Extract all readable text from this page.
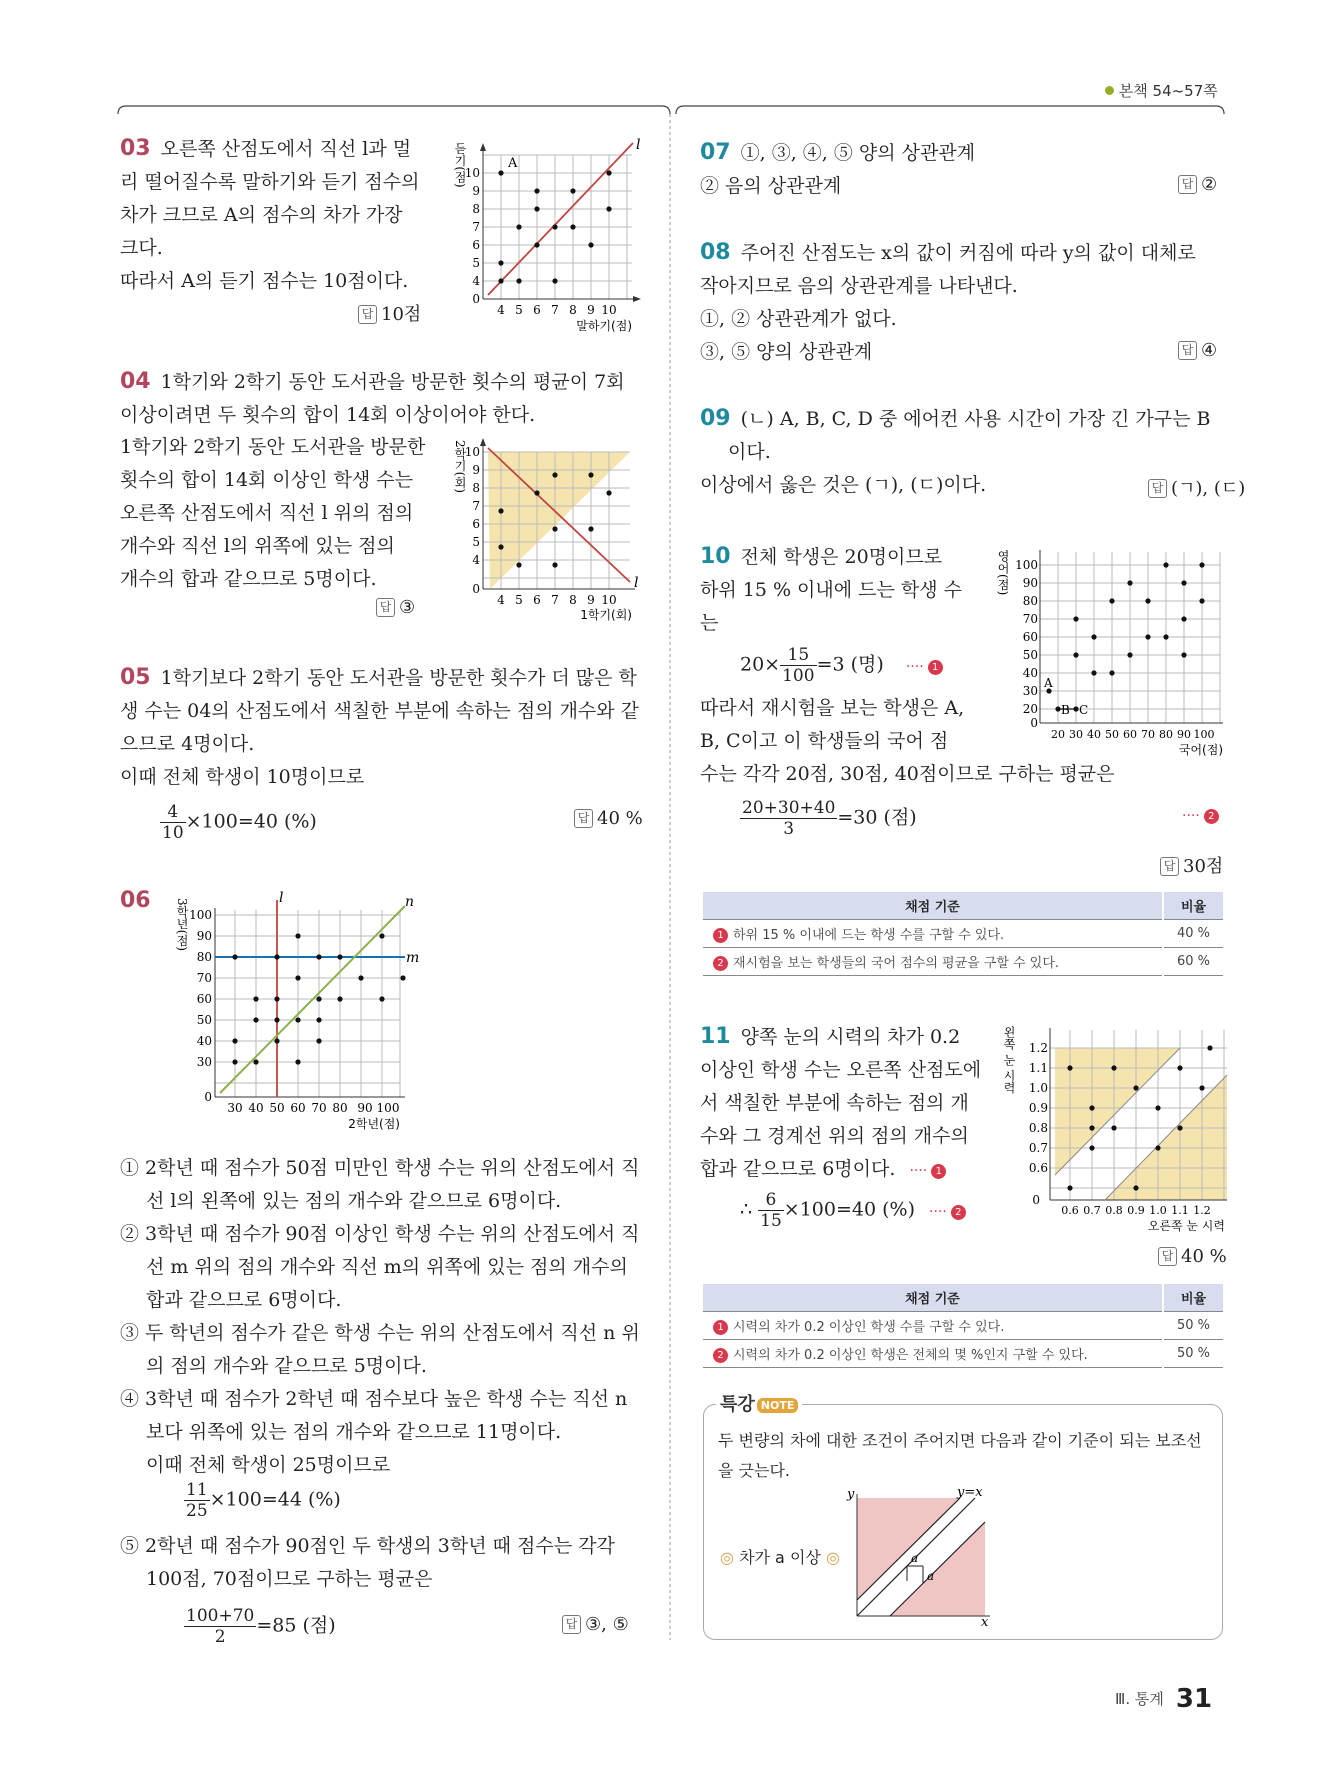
본책 54~57쪽
03 오른쪽 산점도에서 직선 l과 멀
리 떨어질수록 말하기와 듣기 점수의
차가 크므로 A의 점수의 차가 가장
크다.
따라서 A의 듣기 점수는 10점이다.
답 10점
A
l
10
9
8
7
6
5
4
0
4 5 6 7 8 9 10
말하기(점)
듣기(점)
04 1학기와 2학기 동안 도서관을 방문한 횟수의 평균이 7회
이상이려면 두 횟수의 합이 14회 이상이어야 한다.
1학기와 2학기 동안 도서관을 방문한
횟수의 합이 14회 이상인 학생 수는
오른쪽 산점도에서 직선 l 위의 점의
개수와 직선 l의 위쪽에 있는 점의
개수의 합과 같으므로 5명이다.
답 ③
l
10
9
8
7
6
5
4
0
4 5 6 7 8 9 10
1학기(회)
2학기(회)
05 1학기보다 2학기 동안 도서관을 방문한 횟수가 더 많은 학
생 수는 04의 산점도에서 색칠한 부분에 속하는 점의 개수와 같
으므로 4명이다.
이때 전체 학생이 10명이므로
$\frac{4}{10} \times 100=40$ (%)	답 40 %
06	l
m
n
100
90
80
70
60
50
40
30
0
30 40 50 60 70 80 90 100
2학년(점)
3학년(점)
① 2학년 때 점수가 50점 미만인 학생 수는 위의 산점도에서 직선 l의 왼쪽에 있는 점의 개수와 같으므로 6명이다.
② 3학년 때 점수가 90점 이상인 학생 수는 위의 산점도에서 직선 m 위의 점의 개수와 직선 m의 위쪽에 있는 점의 개수의 합과 같으므로 6명이다.
③ 두 학년의 점수가 같은 학생 수는 위의 산점도에서 직선 n 위의 점의 개수와 같으므로 5명이다.
④ 3학년 때 점수가 2학년 때 점수보다 높은 학생 수는 직선 n 보다 위쪽에 있는 점의 개수와 같으므로 11명이다.
이때 전체 학생이 25명이므로
$\frac{11}{25} \times 100=44$ (%)
⑤ 2학년 때 점수가 90점인 두 학생의 3학년 때 점수는 각각 100점, 70점이므로 구하는 평균은
$\frac{100+70}{2} =85$ (점)	답 ③, ⑤
07 ①, ③, ④, ⑤ 양의 상관관계
② 음의 상관관계	답 ②
08 주어진 산점도는 x의 값이 커짐에 따라 y의 값이 대체로
작아지므로 음의 상관관계를 나타낸다.
①, ② 상관관계가 없다.
③, ⑤ 양의 상관관계	답 ④
09 (ㄴ) A, B, C, D 중 에어컨 사용 시간이 가장 긴 가구는 B
이다.
이상에서 옳은 것은 (ㄱ), (ㄷ)이다.	답 (ㄱ), (ㄷ)
10 전체 학생은 20명이므로
하위 15 % 이내에 드는 학생 수
는
$20\times \frac{15}{100} =3$ (명) ···· 1
따라서 재시험을 보는 학생은 A,
B, C이고 이 학생들의 국어 점
수는 각각 20점, 30점, 40점이므로 구하는 평균은
$\frac{20+30+40}{3} =30$ (점)	···· 2
답 30점
A
B C
100
90
80
70
60
50
40
30
20
0
20 30 40 50 60 70 80 90 100
국어(점)
영어(점)
채점 기준	비율
1 하위 15 % 이내에 드는 학생 수를 구할 수 있다.	40 %
2 재시험을 보는 학생들의 국어 점수의 평균을 구할 수 있다.	60 %
11 양쪽 눈의 시력의 차가 0.2
이상인 학생 수는 오른쪽 산점도에
서 색칠한 부분에 속하는 점의 개
수와 그 경계선 위의 점의 개수의
합과 같으므로 6명이다. ···· 1
∴ $\frac{6}{15} \times 100=40$ (%) ···· 2
답 40 %
1.2
1.1
1.0
0.9
0.8
0.7
0.6
0
0.6 0.7 0.8 0.9 1.0 1.1 1.2
오른쪽 눈 시력
왼쪽 눈 시력
채점 기준	비율
1 시력의 차가 0.2 이상인 학생 수를 구할 수 있다.	50 %
2 시력의 차가 0.2 이상인 학생은 전체의 몇 %인지 구할 수 있다.	50 %
특강 NOTE
두 변량의 차에 대한 조건이 주어지면 다음과 같이 기준이 되는 보조선
을 긋는다.
◎ 차가 a 이상 ◎
y
x
y=x
a
a
Ⅲ. 통계 31
